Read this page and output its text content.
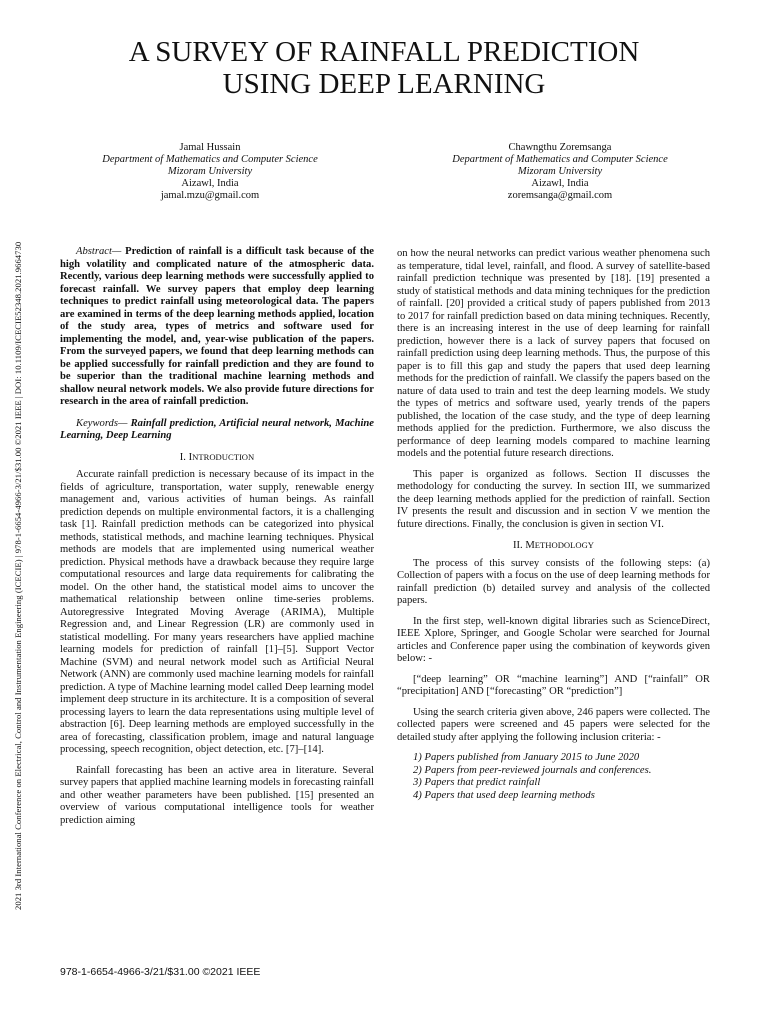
2021 3rd International Conference on Electrical, Control and Instrumentation Engineering (ICECIE) | 978-1-6654-4966-3/21/$31.00 ©2021 IEEE | DOI: 10.1109/ICECIE52348.2021.9664730
A SURVEY OF RAINFALL PREDICTION
USING DEEP LEARNING
Jamal Hussain
Department of Mathematics and Computer Science
Mizoram University
Aizawl, India
jamal.mzu@gmail.com
Chawngthu Zoremsanga
Department of Mathematics and Computer Science
Mizoram University
Aizawl, India
zoremsanga@gmail.com

Abstract— Prediction of rainfall is a difficult task because of the high volatility and complicated nature of the atmospheric data. Recently, various deep learning methods were successfully applied to forecast rainfall. We survey papers that employ deep learning techniques to predict rainfall using meteorological data. The papers are examined in terms of the deep learning methods applied, location of the study area, types of metrics and software used for implementing the model, and, year-wise publication of the papers. From the surveyed papers, we found that deep learning methods can be applied successfully for rainfall prediction and they are found to be superior than the traditional machine learning methods and shallow neural network models. We also provide future directions for research in the area of rainfall prediction.

Keywords— Rainfall prediction, Artificial neural network, Machine Learning, Deep Learning

I. INTRODUCTION

Accurate rainfall prediction is necessary because of its impact in the fields of agriculture, transportation, water supply, renewable energy management and, various activities of human beings. As rainfall prediction depends on multiple environmental factors, it is a challenging task [1]. Rainfall prediction methods can be categorized into physical methods, statistical methods, and machine learning techniques. Physical methods are models that are implemented using numerical weather prediction. Physical methods have a drawback because they require large computational resources and large data requirements for calibrating the model. On the other hand, the statistical model aims to uncover the mathematical relationship between online time-series problems. Autoregressive Integrated Moving Average (ARIMA), Multiple Regression and, and Linear Regression (LR) are commonly used in statistical modelling. For many years researchers have applied machine learning models for prediction of rainfall [1]–[5]. Support Vector Machine (SVM) and neural network model such as Artificial Neural Network (ANN) are commonly used machine learning models for rainfall prediction. A type of Machine learning model called Deep learning model implement deep structure in its architecture. It is a composition of several processing layers to learn the data representations using multiple level of abstraction [6]. Deep learning methods are employed successfully in the area of forecasting, classification problem, image and natural language processing, speech recognition, object detection, etc. [7]–[14].

Rainfall forecasting has been an active area in literature. Several survey papers that applied machine learning models in forecasting rainfall and other weather parameters have been published. [15] presented an overview of various computational intelligence tools for weather prediction aiming

on how the neural networks can predict various weather phenomena such as temperature, tidal level, rainfall, and flood. A survey of satellite-based rainfall prediction technique was presented by [18]. [19] presented a study of statistical methods and data mining techniques for the prediction of rainfall. [20] provided a critical study of papers published from 2013 to 2017 for rainfall prediction based on data mining techniques. Recently, there is an increasing interest in the use of deep learning for rainfall prediction, however there is a lack of survey papers that focused on rainfall prediction using deep learning methods. Thus, the purpose of this paper is to fill this gap and study the papers that used deep learning methods for the prediction of rainfall. We classify the papers based on the nature of data used to train and test the deep learning models. We study the types of metrics and software used, yearly trends of the papers published, the location of the case study, and the type of deep learning methods applied for the prediction. Furthermore, we also discuss the performance of deep learning models compared to machine learning models and the potential future research directions.

This paper is organized as follows. Section II discusses the methodology for conducting the survey. In section III, we summarized the deep learning methods applied for the prediction of rainfall. Section IV presents the result and discussion and in section V we mention the future directions. Finally, the conclusion is given in section VI.

II. METHODOLOGY

The process of this survey consists of the following steps: (a) Collection of papers with a focus on the use of deep learning methods for rainfall prediction (b) detailed survey and analysis of the collected papers.

In the first step, well-known digital libraries such as ScienceDirect, IEEE Xplore, Springer, and Google Scholar were searched for Journal articles and Conference paper using the combination of keywords given below: -

[“deep learning” OR “machine learning”] AND [“rainfall” OR “precipitation] AND [“forecasting” OR “prediction”]

Using the search criteria given above, 246 papers were collected. The collected papers were screened and 45 papers were selected for the detailed study after applying the following inclusion criteria: -

1) Papers published from January 2015 to June 2020
2) Papers from peer-reviewed journals and conferences.
3) Papers that predict rainfall
4) Papers that used deep learning methods
978-1-6654-4966-3/21/$31.00 ©2021 IEEE
